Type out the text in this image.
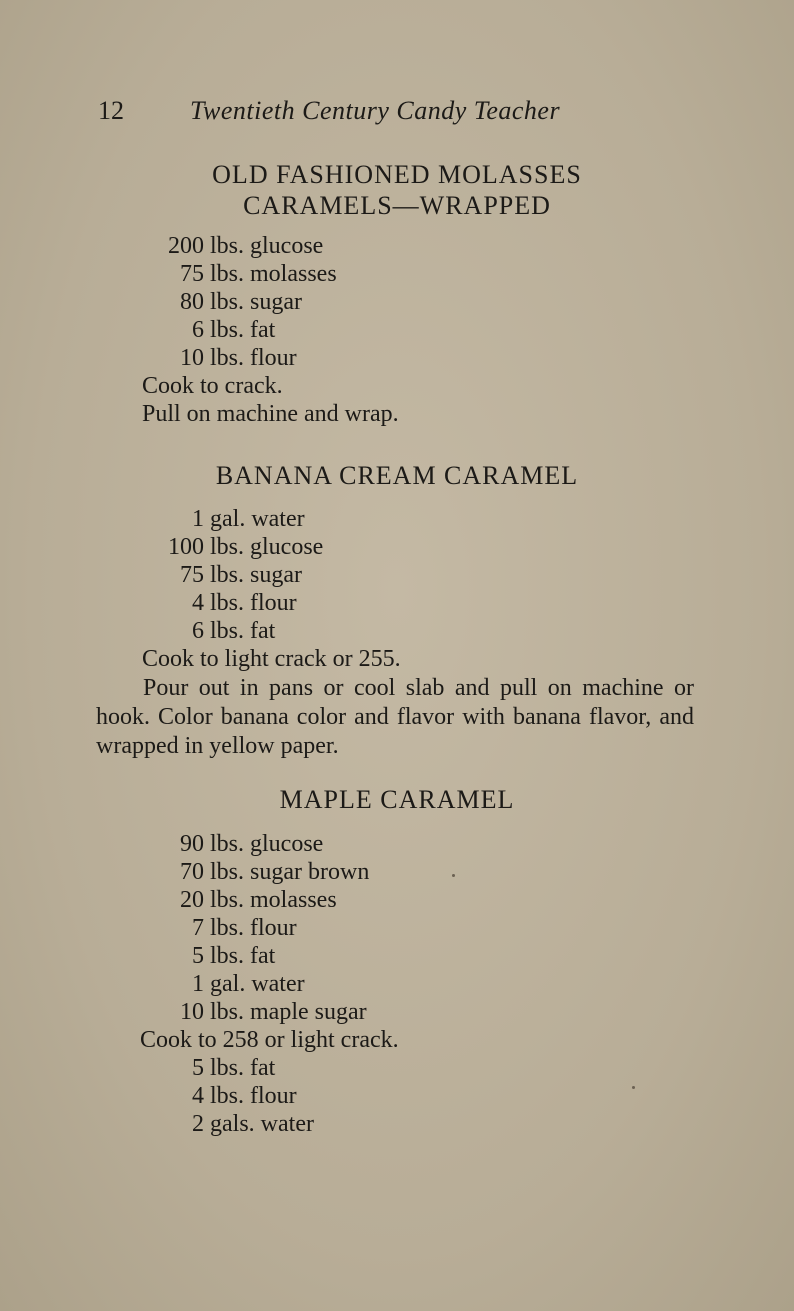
12	Twentieth Century Candy Teacher
OLD FASHIONED MOLASSES
CARAMELS—WRAPPED
200 lbs. glucose
75 lbs. molasses
80 lbs. sugar
6 lbs. fat
10 lbs. flour
Cook to crack.
Pull on machine and wrap.
BANANA CREAM CARAMEL
1 gal. water
100 lbs. glucose
75 lbs. sugar
4 lbs. flour
6 lbs. fat
Cook to light crack or 255.

Pour out in pans or cool slab and pull on machine or hook. Color banana color and flavor with banana flavor, and wrapped in yellow paper.

MAPLE CARAMEL
90 lbs. glucose
70 lbs. sugar brown
20 lbs. molasses
7 lbs. flour
5 lbs. fat
1 gal. water
10 lbs. maple sugar
Cook to 258 or light crack.
5 lbs. fat
4 lbs. flour
2 gals. water
